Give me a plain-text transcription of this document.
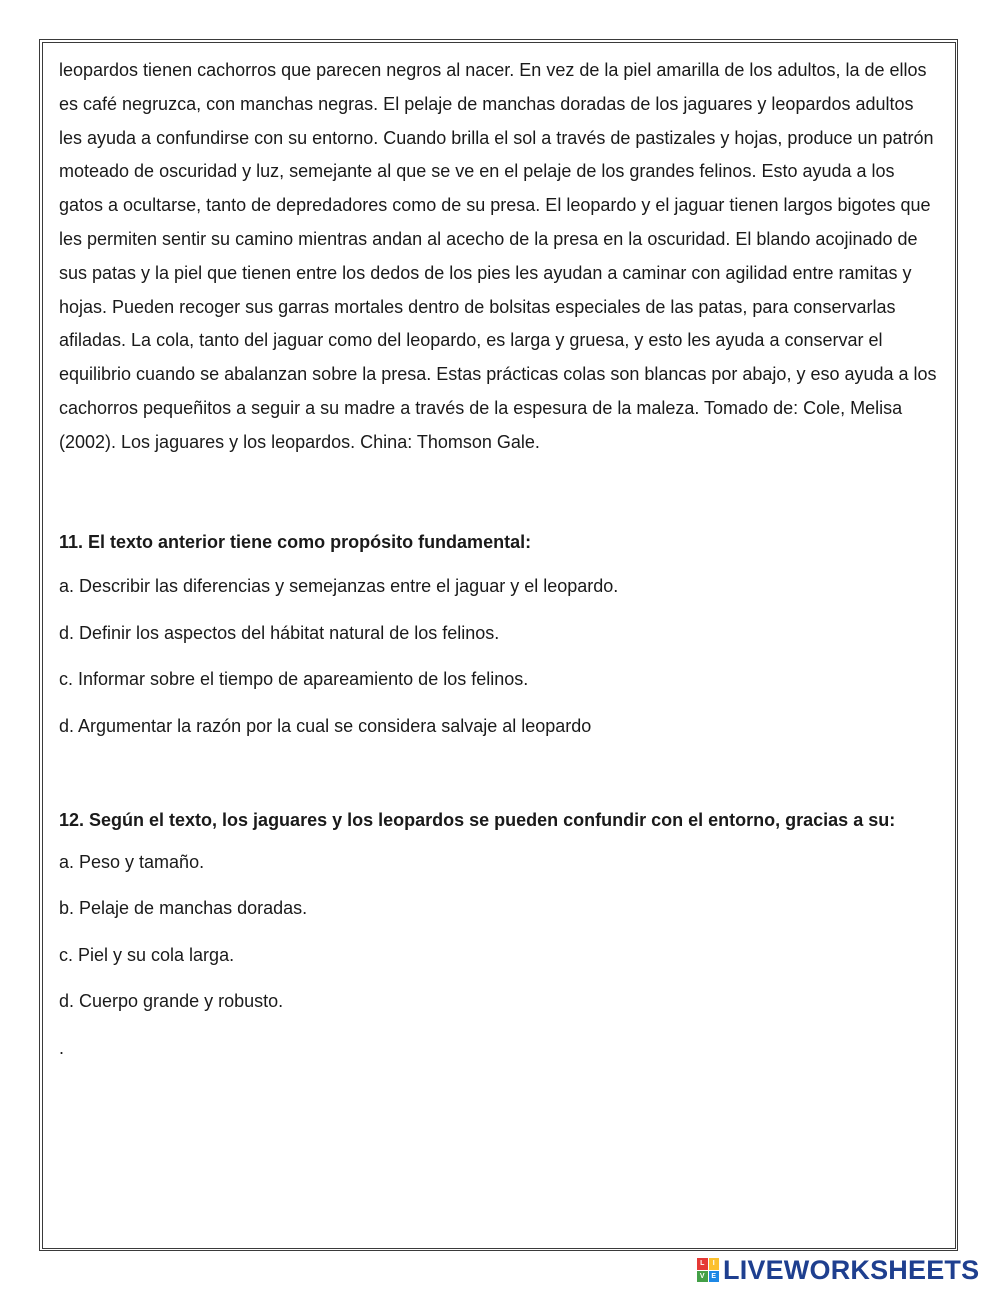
leopardos tienen cachorros que parecen negros al nacer. En vez de la piel amarilla de los adultos, la de ellos es café negruzca, con manchas negras. El pelaje de manchas doradas de los jaguares y leopardos adultos les ayuda a confundirse con su entorno. Cuando brilla el sol a través de pastizales y hojas, produce un patrón moteado de oscuridad y luz, semejante al que se ve en el pelaje de los grandes felinos. Esto ayuda a los gatos a ocultarse, tanto de depredadores como de su presa. El leopardo y el jaguar tienen largos bigotes que les permiten sentir su camino mientras andan al acecho de la presa en la oscuridad. El blando acojinado de sus patas y la piel que tienen entre los dedos de los pies les ayudan a caminar con agilidad entre ramitas y hojas. Pueden recoger sus garras mortales dentro de bolsitas especiales de las patas, para conservarlas afiladas. La cola, tanto del jaguar como del leopardo, es larga y gruesa, y esto les ayuda a conservar el equilibrio cuando se abalanzan sobre la presa. Estas prácticas colas son blancas por abajo, y eso ayuda a los cachorros pequeñitos a seguir a su madre a través de la espesura de la maleza. Tomado de: Cole, Melisa (2002). Los jaguares y los leopardos. China: Thomson Gale.

11. El texto anterior tiene como propósito fundamental:

a. Describir las diferencias y semejanzas entre el jaguar y el leopardo.

d. Definir los aspectos del hábitat natural de los felinos.

c. Informar sobre el tiempo de apareamiento de los felinos.

d. Argumentar la razón por la cual se considera salvaje al leopardo

12. Según el texto, los jaguares y los leopardos se pueden confundir con el entorno, gracias a su:

a. Peso y tamaño.

b. Pelaje de manchas doradas.

c. Piel y su cola larga.

d. Cuerpo grande y robusto.

.

L	I
V E LIVEWORKSHEETS
